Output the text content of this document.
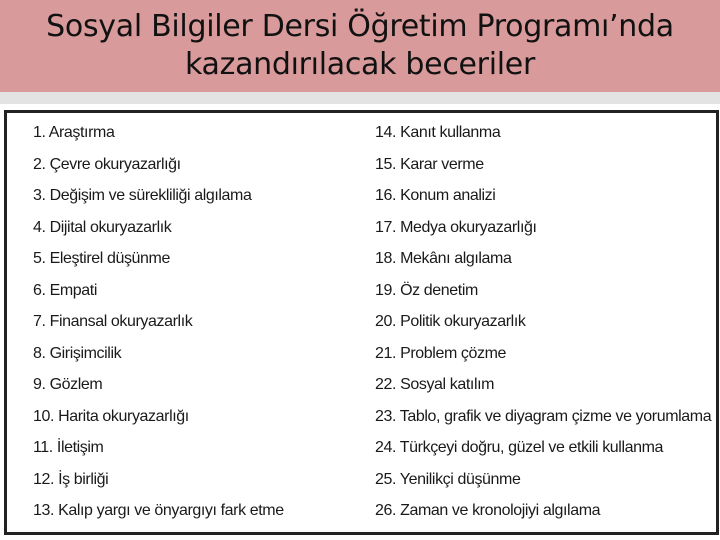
Sosyal Bilgiler Dersi Öğretim Programı’nda
kazandırılacak beceriler
1. Araştırma
2. Çevre okuryazarlığı
3. Değişim ve sürekliliği algılama
4. Dijital okuryazarlık
5. Eleştirel düşünme
6. Empati
7. Finansal okuryazarlık
8. Girişimcilik
9. Gözlem
10. Harita okuryazarlığı
11. İletişim
12. İş birliği
13. Kalıp yargı ve önyargıyı fark etme
14. Kanıt kullanma
15. Karar verme
16. Konum analizi
17. Medya okuryazarlığı
18. Mekânı algılama
19. Öz denetim
20. Politik okuryazarlık
21. Problem çözme
22. Sosyal katılım
23. Tablo, grafik ve diyagram çizme ve yorumlama
24. Türkçeyi doğru, güzel ve etkili kullanma
25. Yenilikçi düşünme
26. Zaman ve kronolojiyi algılama
